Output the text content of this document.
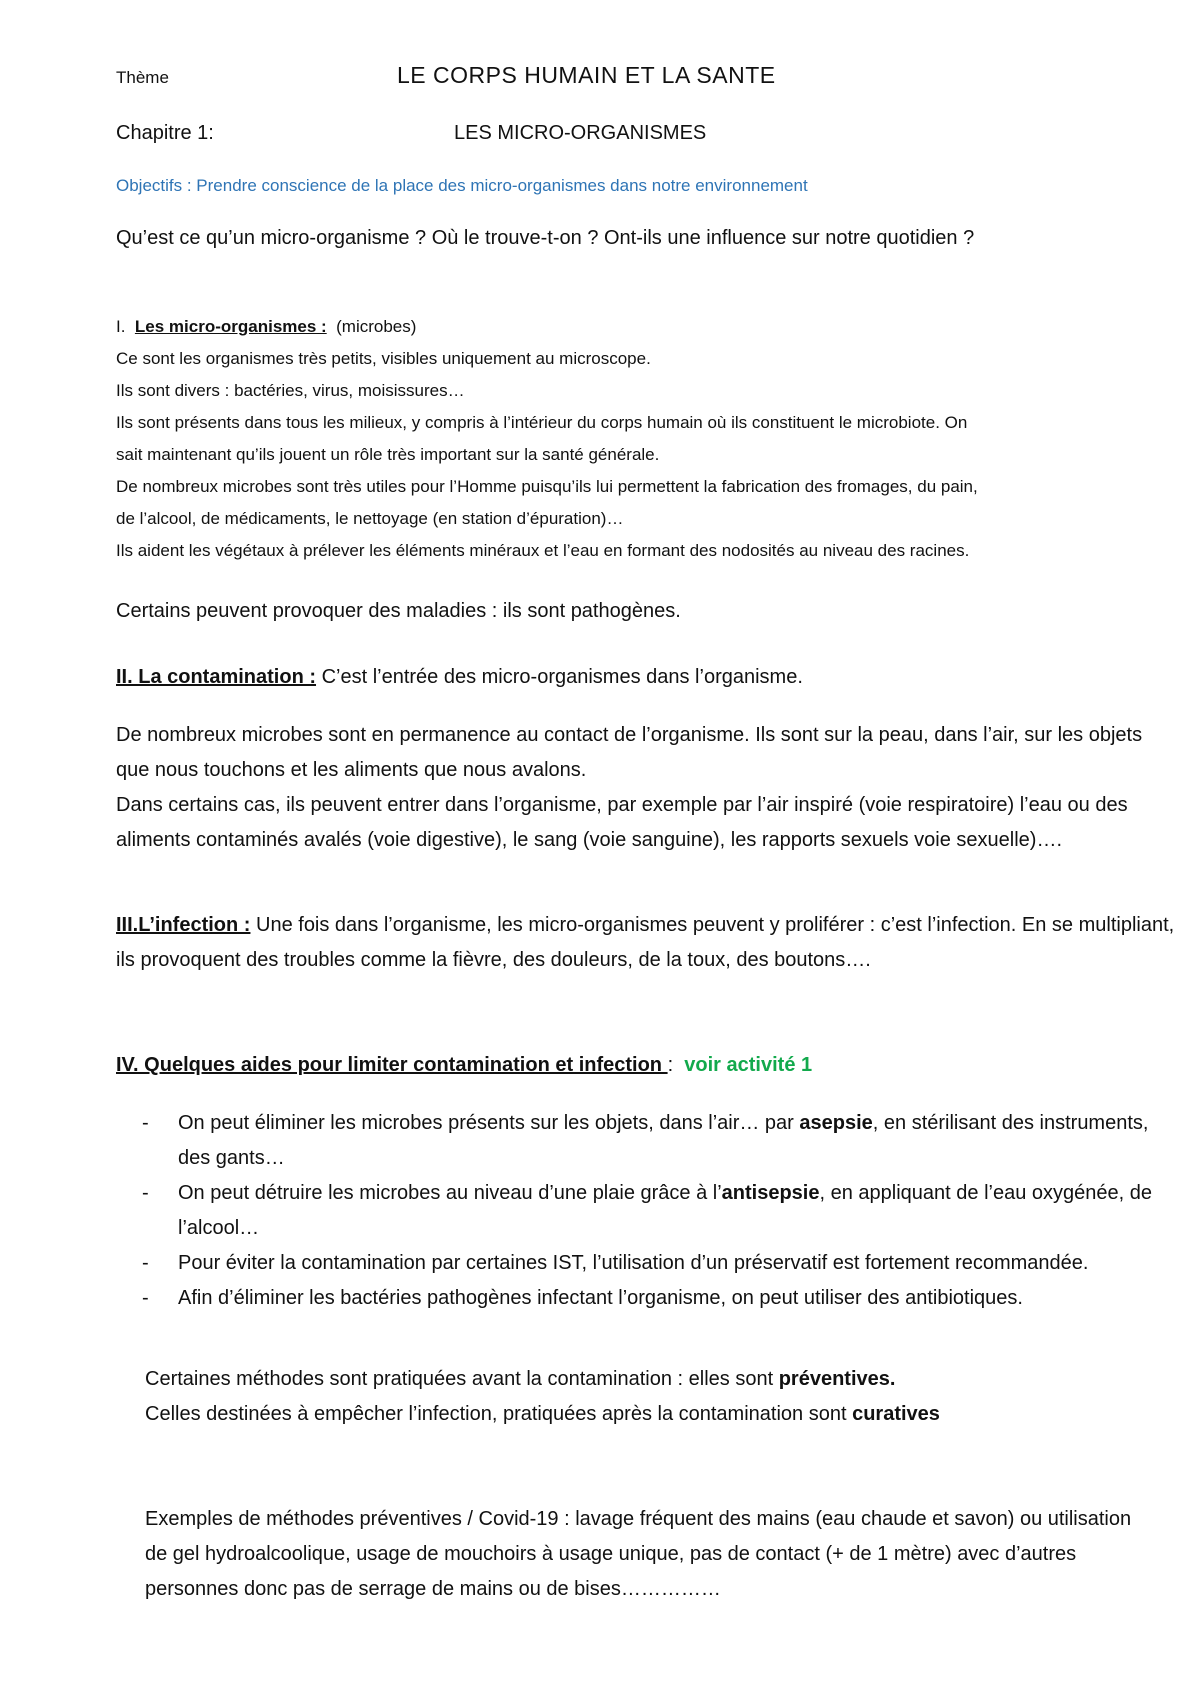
Thème	LE CORPS HUMAIN ET LA SANTE
Chapitre 1:	LES MICRO-ORGANISMES
Objectifs : Prendre conscience de la place des micro-organismes dans notre environnement
Qu’est ce qu’un micro-organisme ? Où le trouve-t-on ? Ont-ils une influence sur notre quotidien ?
I. Les micro-organismes : (microbes)
Ce sont les organismes très petits, visibles uniquement au microscope.
Ils sont divers : bactéries, virus, moisissures…
Ils sont présents dans tous les milieux, y compris à l’intérieur du corps humain où ils constituent le microbiote. On
sait maintenant qu’ils jouent un rôle très important sur la santé générale.
De nombreux microbes sont très utiles pour l’Homme puisqu’ils lui permettent la fabrication des fromages, du pain,
de l’alcool, de médicaments, le nettoyage (en station d’épuration)…
Ils aident les végétaux à prélever les éléments minéraux et l’eau en formant des nodosités au niveau des racines.
Certains peuvent provoquer des maladies : ils sont pathogènes.
II. La contamination : C’est l’entrée des micro-organismes dans l’organisme.
De nombreux microbes sont en permanence au contact de l’organisme. Ils sont sur la peau, dans l’air, sur les objets que nous touchons et les aliments que nous avalons.
Dans certains cas, ils peuvent entrer dans l’organisme, par exemple par l’air inspiré (voie respiratoire) l’eau ou des aliments contaminés avalés (voie digestive), le sang (voie sanguine), les rapports sexuels voie sexuelle)….
III.L’infection : Une fois dans l’organisme, les micro-organismes peuvent y proliférer : c’est l’infection. En se multipliant, ils provoquent des troubles comme la fièvre, des douleurs, de la toux, des boutons….
IV. Quelques aides pour limiter contamination et infection : voir activité 1
- On peut éliminer les microbes présents sur les objets, dans l’air… par asepsie, en stérilisant des instruments, des gants…
- On peut détruire les microbes au niveau d’une plaie grâce à l’antisepsie, en appliquant de l’eau oxygénée, de l’alcool…
- Pour éviter la contamination par certaines IST, l’utilisation d’un préservatif est fortement recommandée.
- Afin d’éliminer les bactéries pathogènes infectant l’organisme, on peut utiliser des antibiotiques.
Certaines méthodes sont pratiquées avant la contamination : elles sont préventives.
Celles destinées à empêcher l’infection, pratiquées après la contamination sont curatives
Exemples de méthodes préventives / Covid-19 : lavage fréquent des mains (eau chaude et savon) ou utilisation de gel hydroalcoolique, usage de mouchoirs à usage unique, pas de contact (+ de 1 mètre) avec d’autres personnes donc pas de serrage de mains ou de bises……………
